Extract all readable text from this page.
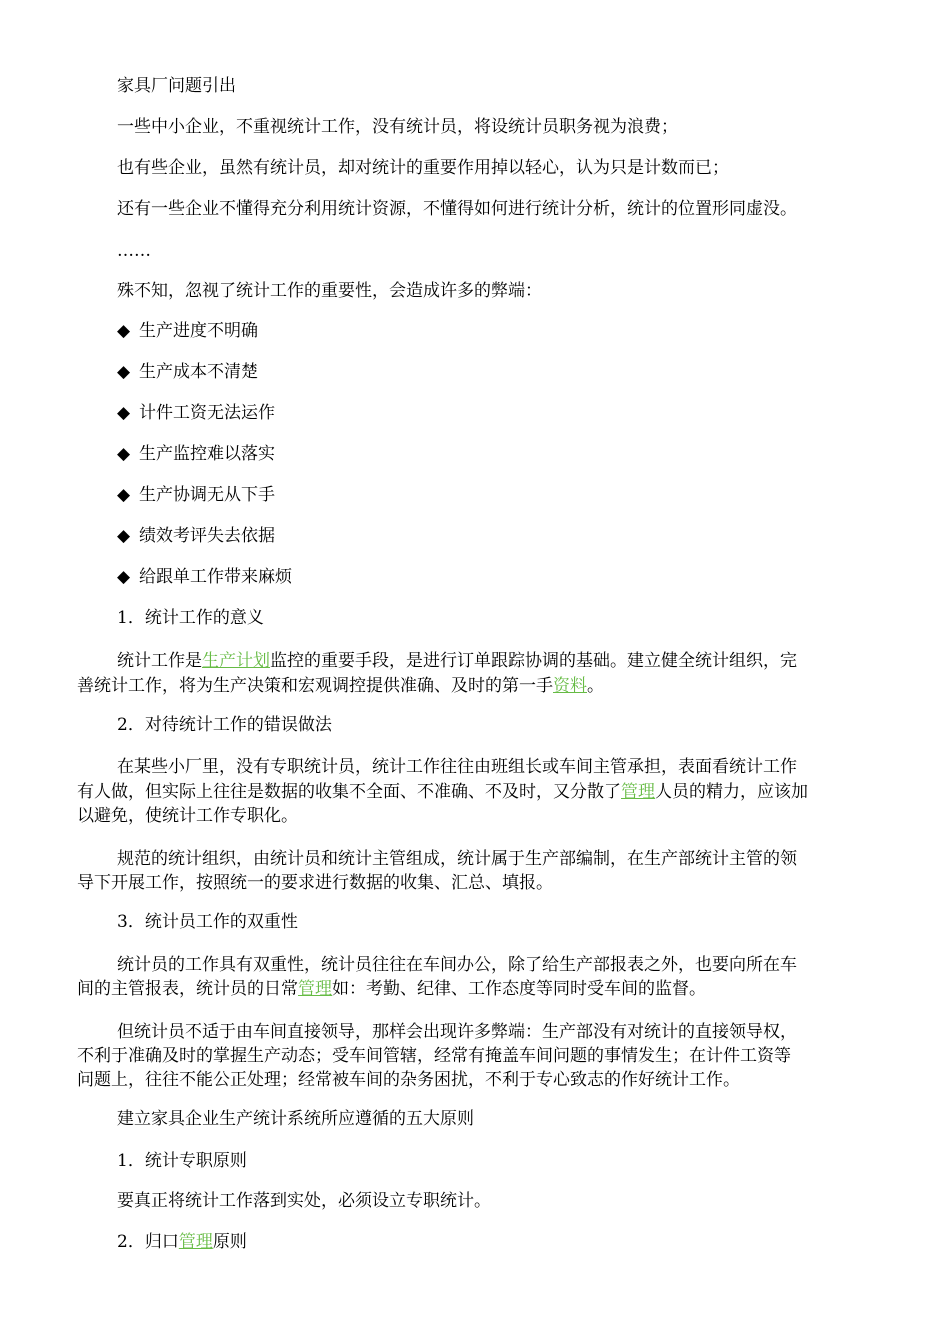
家具厂问题引出
一些中小企业，不重视统计工作，没有统计员，将设统计员职务视为浪费；
也有些企业，虽然有统计员，却对统计的重要作用掉以轻心，认为只是计数而已；
还有一些企业不懂得充分利用统计资源，不懂得如何进行统计分析，统计的位置形同虚没。
……
殊不知，忽视了统计工作的重要性，会造成许多的弊端：
◆ 生产进度不明确
◆ 生产成本不清楚
◆ 计件工资无法运作
◆ 生产监控难以落实
◆ 生产协调无从下手
◆ 绩效考评失去依据
◆ 给跟单工作带来麻烦
1．统计工作的意义
统计工作是生产计划监控的重要手段，是进行订单跟踪协调的基础。建立健全统计组织，完
善统计工作，将为生产决策和宏观调控提供准确、及时的第一手资料。
2．对待统计工作的错误做法
在某些小厂里，没有专职统计员，统计工作往往由班组长或车间主管承担，表面看统计工作
有人做，但实际上往往是数据的收集不全面、不准确、不及时，又分散了管理人员的精力，应该加
以避免，使统计工作专职化。
规范的统计组织，由统计员和统计主管组成，统计属于生产部编制，在生产部统计主管的领
导下开展工作，按照统一的要求进行数据的收集、汇总、填报。
3．统计员工作的双重性
统计员的工作具有双重性，统计员往往在车间办公，除了给生产部报表之外，也要向所在车
间的主管报表，统计员的日常管理如：考勤、纪律、工作态度等同时受车间的监督。
但统计员不适于由车间直接领导，那样会出现许多弊端：生产部没有对统计的直接领导权，
不利于准确及时的掌握生产动态；受车间管辖，经常有掩盖车间问题的事情发生；在计件工资等
问题上，往往不能公正处理；经常被车间的杂务困扰，不利于专心致志的作好统计工作。
建立家具企业生产统计系统所应遵循的五大原则
1．统计专职原则
要真正将统计工作落到实处，必须设立专职统计。
2．归口管理原则
